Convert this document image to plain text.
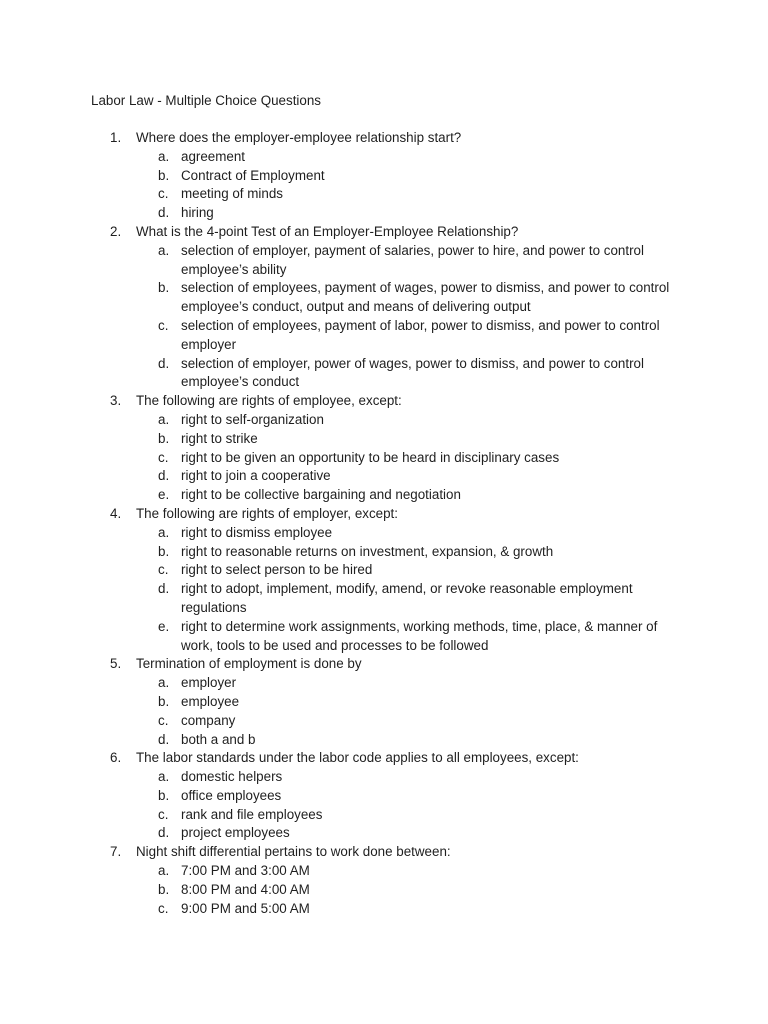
Labor Law - Multiple Choice Questions
1.	Where does the employer-employee relationship start?
a. agreement
b. Contract of Employment
c. meeting of minds
d. hiring
2.	What is the 4-point Test of an Employer-Employee Relationship?
a. selection of employer, payment of salaries, power to hire, and power to control employee’s ability
b. selection of employees, payment of wages, power to dismiss, and power to control employee’s conduct, output and means of delivering output
c. selection of employees, payment of labor, power to dismiss, and power to control employer
d. selection of employer, power of wages, power to dismiss, and power to control employee’s conduct
3.	The following are rights of employee, except:
a. right to self-organization
b. right to strike
c. right to be given an opportunity to be heard in disciplinary cases
d. right to join a cooperative
e. right to be collective bargaining and negotiation
4.	The following are rights of employer, except:
a. right to dismiss employee
b. right to reasonable returns on investment, expansion, & growth
c. right to select person to be hired
d. right to adopt, implement, modify, amend, or revoke reasonable employment regulations
e. right to determine work assignments, working methods, time, place, & manner of work, tools to be used and processes to be followed
5.	Termination of employment is done by
a. employer
b. employee
c. company
d. both a and b
6.	The labor standards under the labor code applies to all employees, except:
a. domestic helpers
b. office employees
c. rank and file employees
d. project employees
7.	Night shift differential pertains to work done between:
a. 7:00 PM and 3:00 AM
b. 8:00 PM and 4:00 AM
c. 9:00 PM and 5:00 AM
